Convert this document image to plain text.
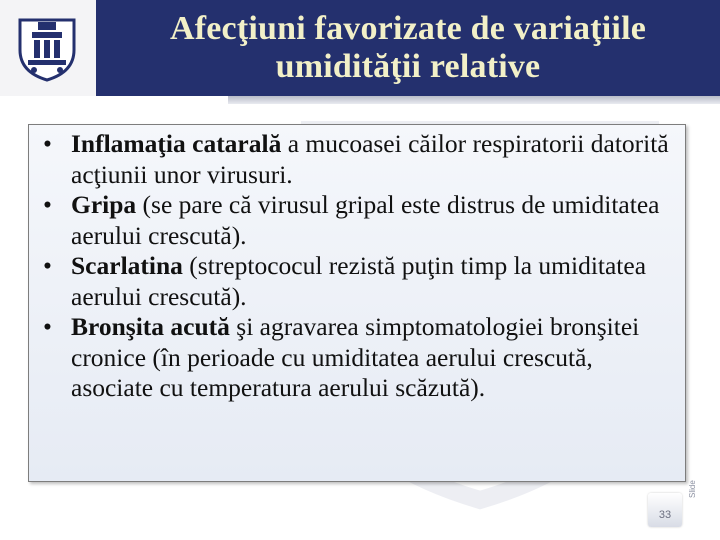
Afecţiuni favorizate de variaţiile
umidităţii relative
• Inflamaţia catarală a mucoasei căilor respiratorii datorită acţiunii unor virusuri.
• Gripa (se pare că virusul gripal este distrus de umiditatea aerului crescută).
• Scarlatina (streptococul rezistă puţin timp la umiditatea aerului crescută).
• Bronşita acută şi agravarea simptomatologiei bronşitei cronice (în perioade cu umiditatea aerului crescută, asociate cu temperatura aerului scăzută).
33
Slide
